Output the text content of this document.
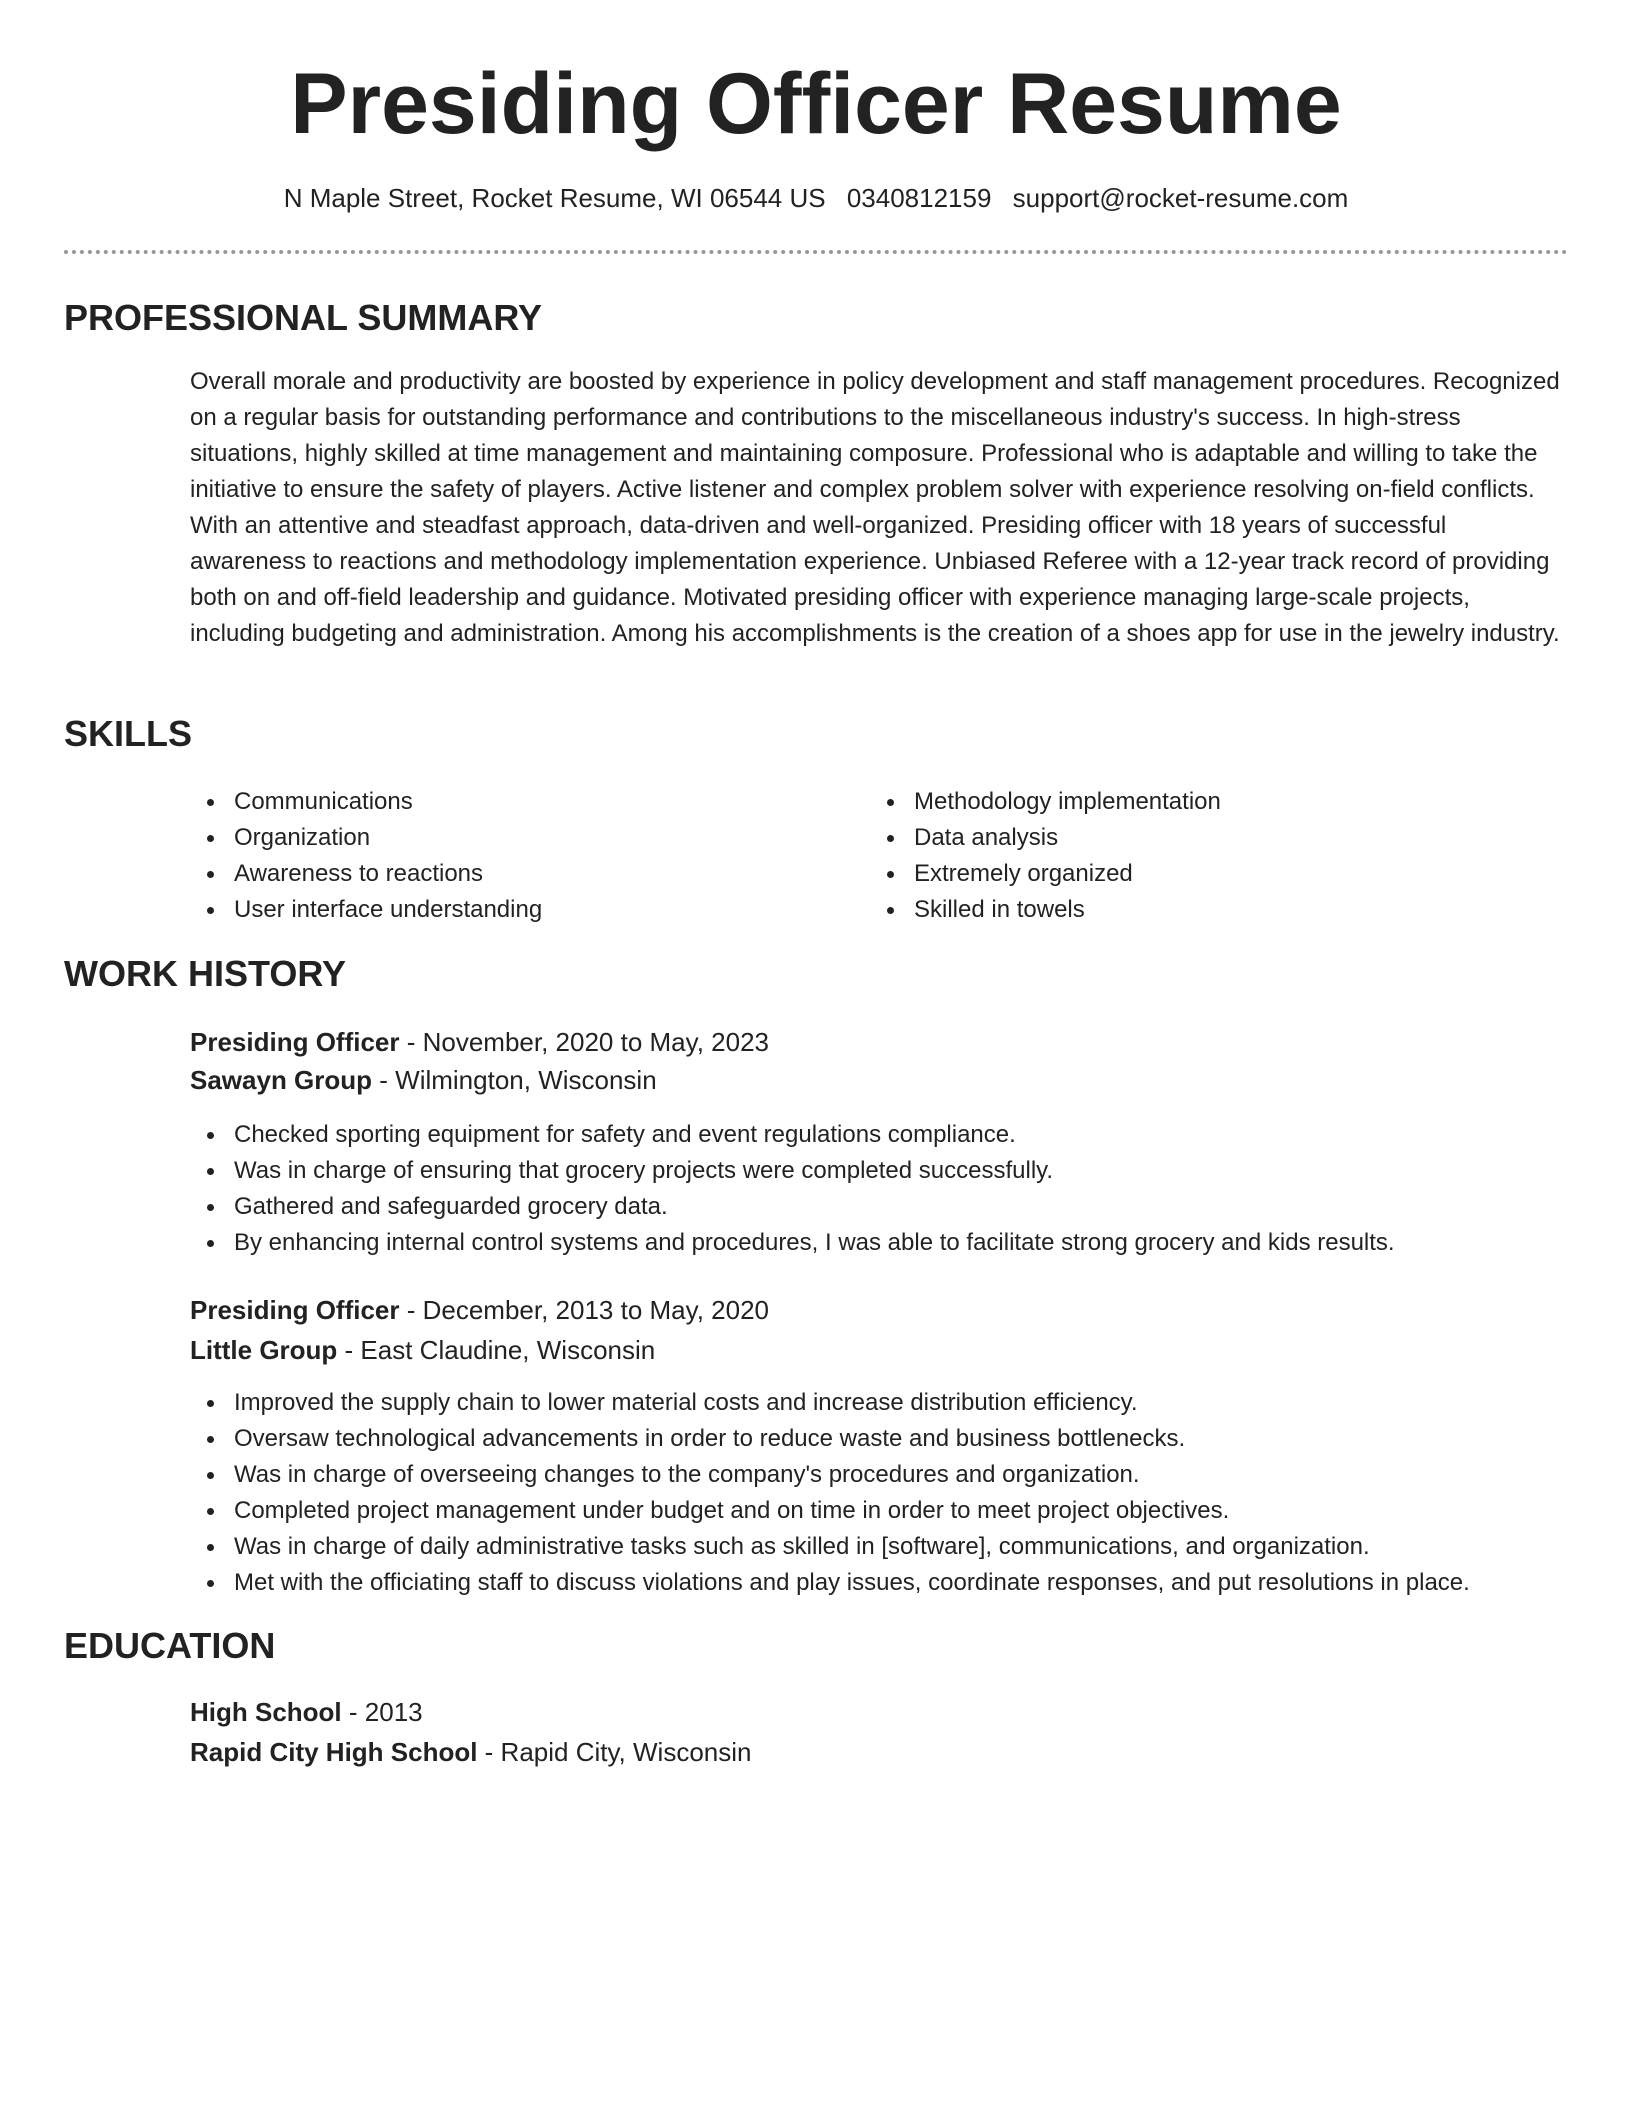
Presiding Officer Resume
N Maple Street, Rocket Resume, WI 06544 US 0340812159 support@rocket-resume.com
PROFESSIONAL SUMMARY
Overall morale and productivity are boosted by experience in policy development and staff management procedures. Recognized on a regular basis for outstanding performance and contributions to the miscellaneous industry's success. In high-stress situations, highly skilled at time management and maintaining composure. Professional who is adaptable and willing to take the initiative to ensure the safety of players. Active listener and complex problem solver with experience resolving on-field conflicts. With an attentive and steadfast approach, data-driven and well-organized. Presiding officer with 18 years of successful awareness to reactions and methodology implementation experience. Unbiased Referee with a 12-year track record of providing both on and off-field leadership and guidance. Motivated presiding officer with experience managing large-scale projects, including budgeting and administration. Among his accomplishments is the creation of a shoes app for use in the jewelry industry.
SKILLS
Communications
Organization
Awareness to reactions
User interface understanding
Methodology implementation
Data analysis
Extremely organized
Skilled in towels
WORK HISTORY
Presiding Officer - November, 2020 to May, 2023
Sawayn Group - Wilmington, Wisconsin
Checked sporting equipment for safety and event regulations compliance.
Was in charge of ensuring that grocery projects were completed successfully.
Gathered and safeguarded grocery data.
By enhancing internal control systems and procedures, I was able to facilitate strong grocery and kids results.
Presiding Officer - December, 2013 to May, 2020
Little Group - East Claudine, Wisconsin
Improved the supply chain to lower material costs and increase distribution efficiency.
Oversaw technological advancements in order to reduce waste and business bottlenecks.
Was in charge of overseeing changes to the company's procedures and organization.
Completed project management under budget and on time in order to meet project objectives.
Was in charge of daily administrative tasks such as skilled in [software], communications, and organization.
Met with the officiating staff to discuss violations and play issues, coordinate responses, and put resolutions in place.
EDUCATION
High School - 2013
Rapid City High School - Rapid City, Wisconsin
